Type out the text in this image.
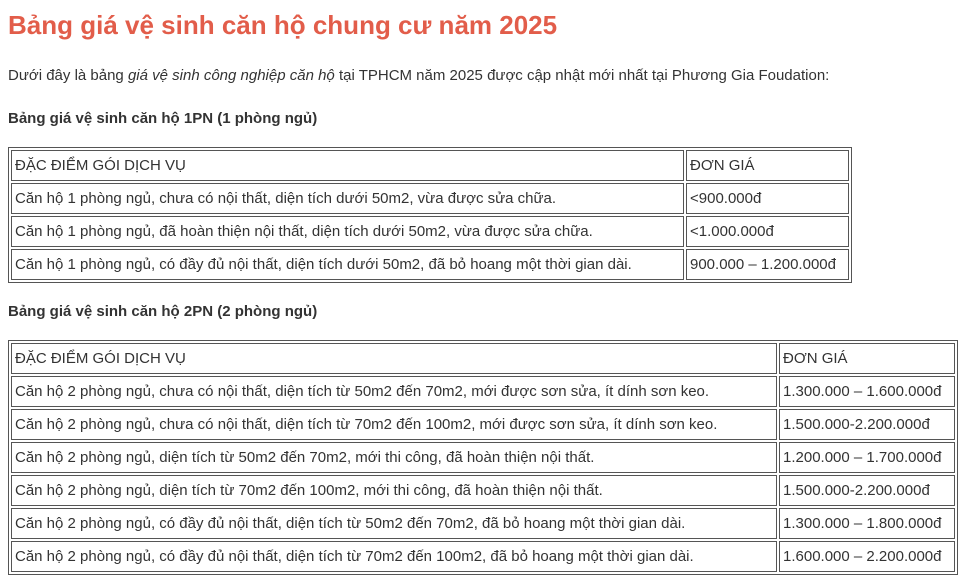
Bảng giá vệ sinh căn hộ chung cư năm 2025

Dưới đây là bảng giá vệ sinh công nghiệp căn hộ tại TPHCM năm 2025 được cập nhật mới nhất tại Phương Gia Foudation:

Bảng giá vệ sinh căn hộ 1PN (1 phòng ngủ)
ĐẶC ĐIỂM GÓI DỊCH VỤ	ĐƠN GIÁ
Căn hộ 1 phòng ngủ, chưa có nội thất, diện tích dưới 50m2, vừa được sửa chữa.	<900.000đ
Căn hộ 1 phòng ngủ, đã hoàn thiện nội thất, diện tích dưới 50m2, vừa được sửa chữa.	<1.000.000đ
Căn hộ 1 phòng ngủ, có đầy đủ nội thất, diện tích dưới 50m2, đã bỏ hoang một thời gian dài.	900.000 – 1.200.000đ
Bảng giá vệ sinh căn hộ 2PN (2 phòng ngủ)
ĐẶC ĐIỂM GÓI DỊCH VỤ	ĐƠN GIÁ
Căn hộ 2 phòng ngủ, chưa có nội thất, diện tích từ 50m2 đến 70m2, mới được sơn sửa, ít dính sơn keo.	1.300.000 – 1.600.000đ
Căn hộ 2 phòng ngủ, chưa có nội thất, diện tích từ 70m2 đến 100m2, mới được sơn sửa, ít dính sơn keo.	1.500.000-2.200.000đ
Căn hộ 2 phòng ngủ, diện tích từ 50m2 đến 70m2, mới thi công, đã hoàn thiện nội thất.	1.200.000 – 1.700.000đ
Căn hộ 2 phòng ngủ, diện tích từ 70m2 đến 100m2, mới thi công, đã hoàn thiện nội thất.	1.500.000-2.200.000đ
Căn hộ 2 phòng ngủ, có đầy đủ nội thất, diện tích từ 50m2 đến 70m2, đã bỏ hoang một thời gian dài.	1.300.000 – 1.800.000đ
Căn hộ 2 phòng ngủ, có đầy đủ nội thất, diện tích từ 70m2 đến 100m2, đã bỏ hoang một thời gian dài.	1.600.000 – 2.200.000đ
